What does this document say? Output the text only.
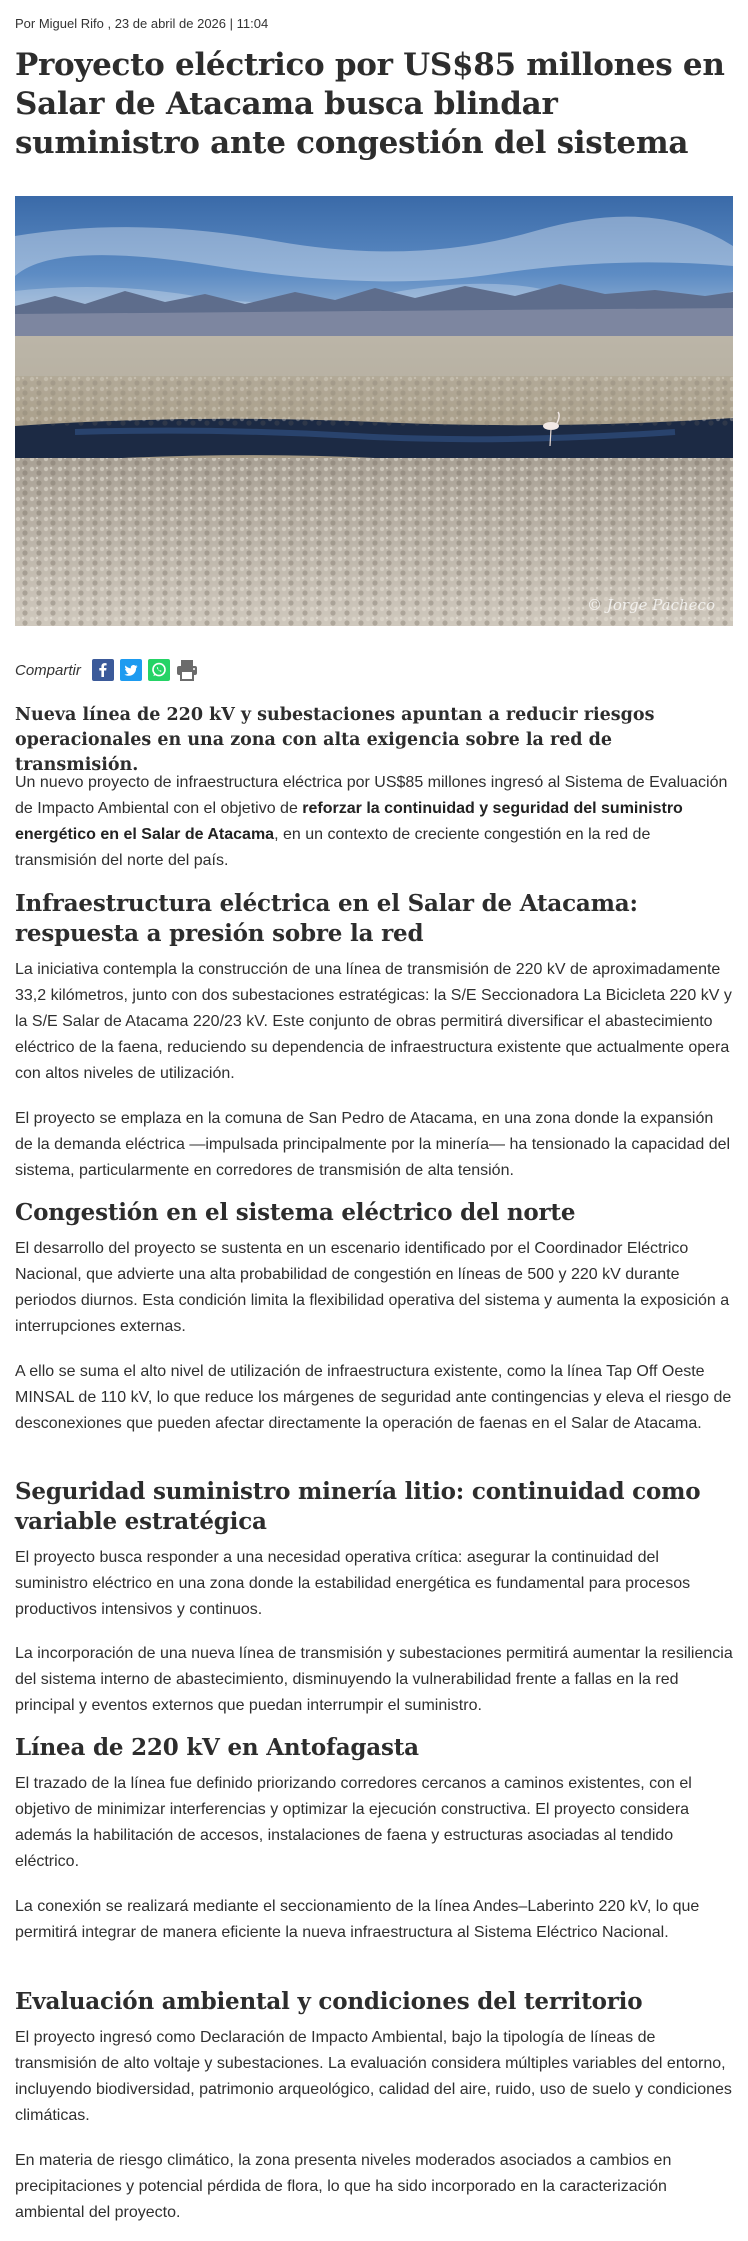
Por Miguel Rifo , 23 de abril de 2026 | 11:04
Proyecto eléctrico por US$85 millones en Salar de Atacama busca blindar suministro ante congestión del sistema
© Jorge Pacheco
Compartir
Nueva línea de 220 kV y subestaciones apuntan a reducir riesgos operacionales en una zona con alta exigencia sobre la red de transmisión.

Un nuevo proyecto de infraestructura eléctrica por US$85 millones ingresó al Sistema de Evaluación de Impacto Ambiental con el objetivo de reforzar la continuidad y seguridad del suministro energético en el Salar de Atacama, en un contexto de creciente congestión en la red de transmisión del norte del país.

Infraestructura eléctrica en el Salar de Atacama: respuesta a presión sobre la red

La iniciativa contempla la construcción de una línea de transmisión de 220 kV de aproximadamente 33,2 kilómetros, junto con dos subestaciones estratégicas: la S/E Seccionadora La Bicicleta 220 kV y la S/E Salar de Atacama 220/23 kV. Este conjunto de obras permitirá diversificar el abastecimiento eléctrico de la faena, reduciendo su dependencia de infraestructura existente que actualmente opera con altos niveles de utilización.

El proyecto se emplaza en la comuna de San Pedro de Atacama, en una zona donde la expansión de la demanda eléctrica —impulsada principalmente por la minería— ha tensionado la capacidad del sistema, particularmente en corredores de transmisión de alta tensión.

Congestión en el sistema eléctrico del norte

El desarrollo del proyecto se sustenta en un escenario identificado por el Coordinador Eléctrico Nacional, que advierte una alta probabilidad de congestión en líneas de 500 y 220 kV durante periodos diurnos. Esta condición limita la flexibilidad operativa del sistema y aumenta la exposición a interrupciones externas.

A ello se suma el alto nivel de utilización de infraestructura existente, como la línea Tap Off Oeste MINSAL de 110 kV, lo que reduce los márgenes de seguridad ante contingencias y eleva el riesgo de desconexiones que pueden afectar directamente la operación de faenas en el Salar de Atacama.

Seguridad suministro minería litio: continuidad como variable estratégica

El proyecto busca responder a una necesidad operativa crítica: asegurar la continuidad del suministro eléctrico en una zona donde la estabilidad energética es fundamental para procesos productivos intensivos y continuos.

La incorporación de una nueva línea de transmisión y subestaciones permitirá aumentar la resiliencia del sistema interno de abastecimiento, disminuyendo la vulnerabilidad frente a fallas en la red principal y eventos externos que puedan interrumpir el suministro.

Línea de 220 kV en Antofagasta

El trazado de la línea fue definido priorizando corredores cercanos a caminos existentes, con el objetivo de minimizar interferencias y optimizar la ejecución constructiva. El proyecto considera además la habilitación de accesos, instalaciones de faena y estructuras asociadas al tendido eléctrico.

La conexión se realizará mediante el seccionamiento de la línea Andes–Laberinto 220 kV, lo que permitirá integrar de manera eficiente la nueva infraestructura al Sistema Eléctrico Nacional.

Evaluación ambiental y condiciones del territorio

El proyecto ingresó como Declaración de Impacto Ambiental, bajo la tipología de líneas de transmisión de alto voltaje y subestaciones. La evaluación considera múltiples variables del entorno, incluyendo biodiversidad, patrimonio arqueológico, calidad del aire, ruido, uso de suelo y condiciones climáticas.

En materia de riesgo climático, la zona presenta niveles moderados asociados a cambios en precipitaciones y potencial pérdida de flora, lo que ha sido incorporado en la caracterización ambiental del proyecto.
